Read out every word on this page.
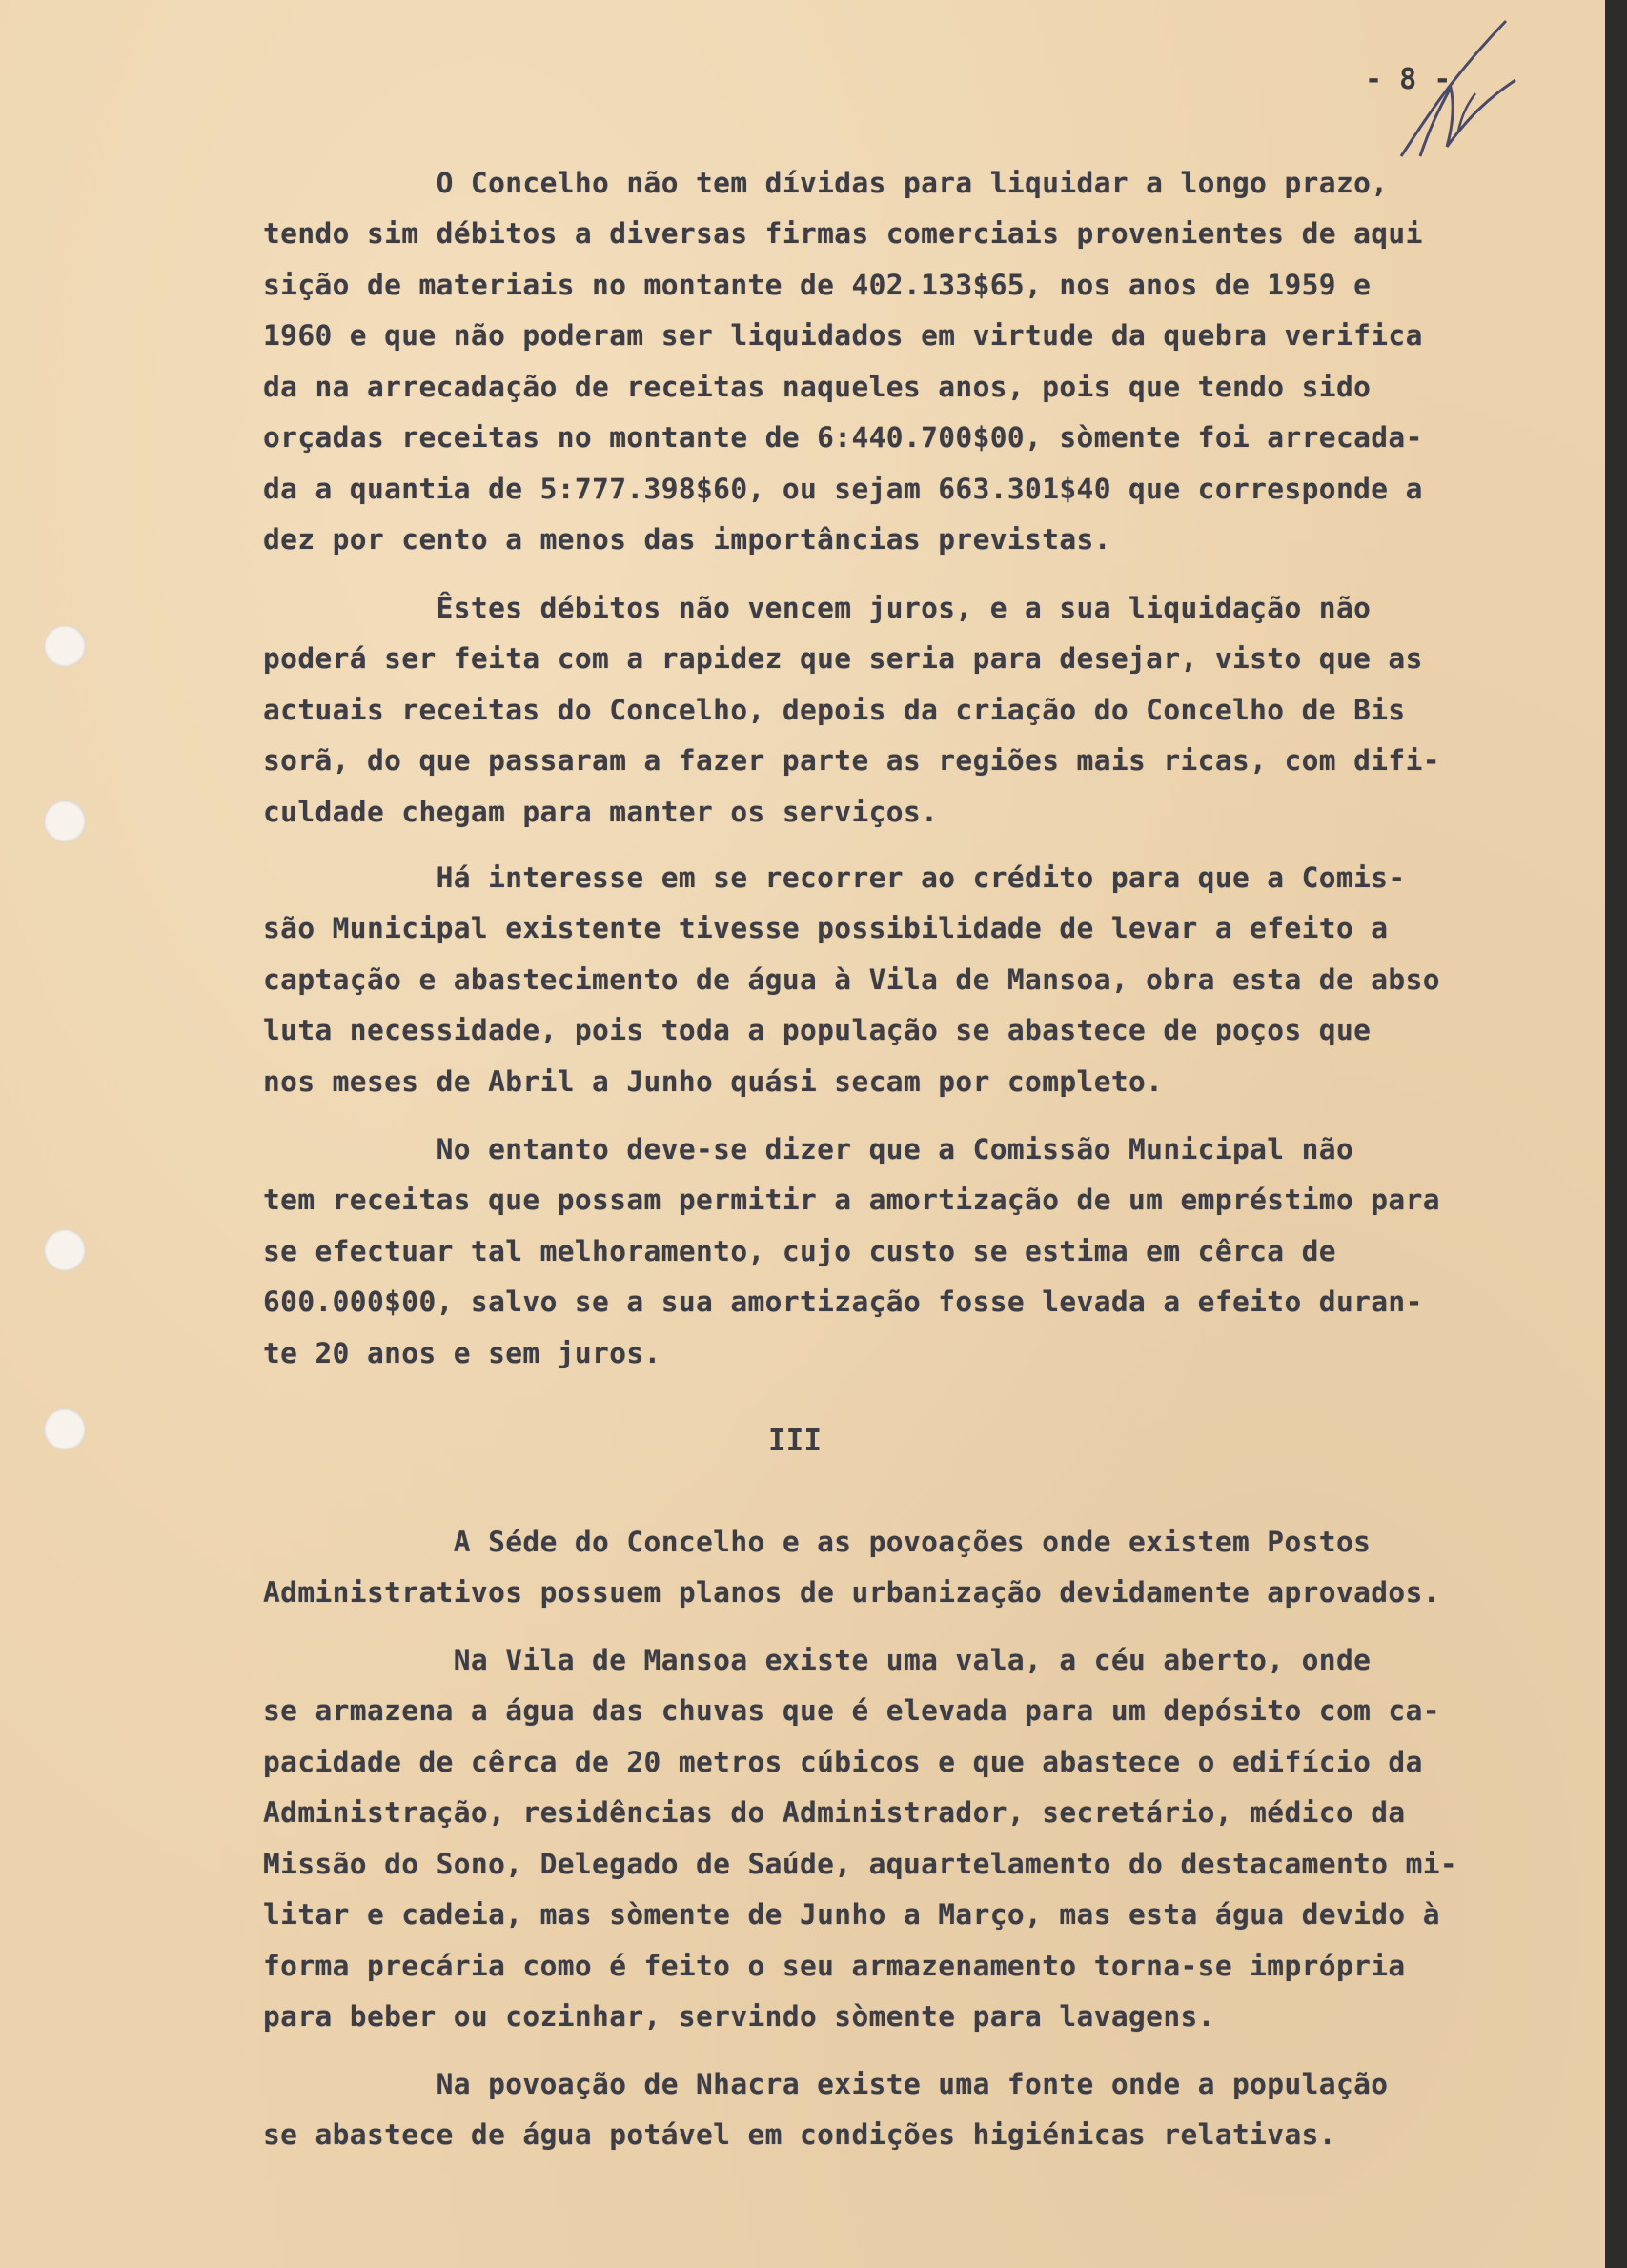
- 8 -
O Concelho não tem dívidas para liquidar a longo prazo,
tendo sim débitos a diversas firmas comerciais provenientes de aqui
sição de materiais no montante de 402.133$65, nos anos de 1959 e
1960 e que não poderam ser liquidados em virtude da quebra verifica
da na arrecadação de receitas naqueles anos, pois que tendo sido
orçadas receitas no montante de 6:440.700$00, sòmente foi arrecada-
da a quantia de 5:777.398$60, ou sejam 663.301$40 que corresponde a
dez por cento a menos das importâncias previstas.
Êstes débitos não vencem juros, e a sua liquidação não
poderá ser feita com a rapidez que seria para desejar, visto que as
actuais receitas do Concelho, depois da criação do Concelho de Bis
sorã, do que passaram a fazer parte as regiões mais ricas, com difi-
culdade chegam para manter os serviços.
Há interesse em se recorrer ao crédito para que a Comis-
são Municipal existente tivesse possibilidade de levar a efeito a
captação e abastecimento de água à Vila de Mansoa, obra esta de abso
luta necessidade, pois toda a população se abastece de poços que
nos meses de Abril a Junho quási secam por completo.
No entanto deve-se dizer que a Comissão Municipal não
tem receitas que possam permitir a amortização de um empréstimo para
se efectuar tal melhoramento, cujo custo se estima em cêrca de
600.000$00, salvo se a sua amortização fosse levada a efeito duran-
te 20 anos e sem juros.
III
A Séde do Concelho e as povoações onde existem Postos
Administrativos possuem planos de urbanização devidamente aprovados.
Na Vila de Mansoa existe uma vala, a céu aberto, onde
se armazena a água das chuvas que é elevada para um depósito com ca-
pacidade de cêrca de 20 metros cúbicos e que abastece o edifício da
Administração, residências do Administrador, secretário, médico da
Missão do Sono, Delegado de Saúde, aquartelamento do destacamento mi-
litar e cadeia, mas sòmente de Junho a Março, mas esta água devido à
forma precária como é feito o seu armazenamento torna-se imprópria
para beber ou cozinhar, servindo sòmente para lavagens.
Na povoação de Nhacra existe uma fonte onde a população
se abastece de água potável em condições higiénicas relativas.
